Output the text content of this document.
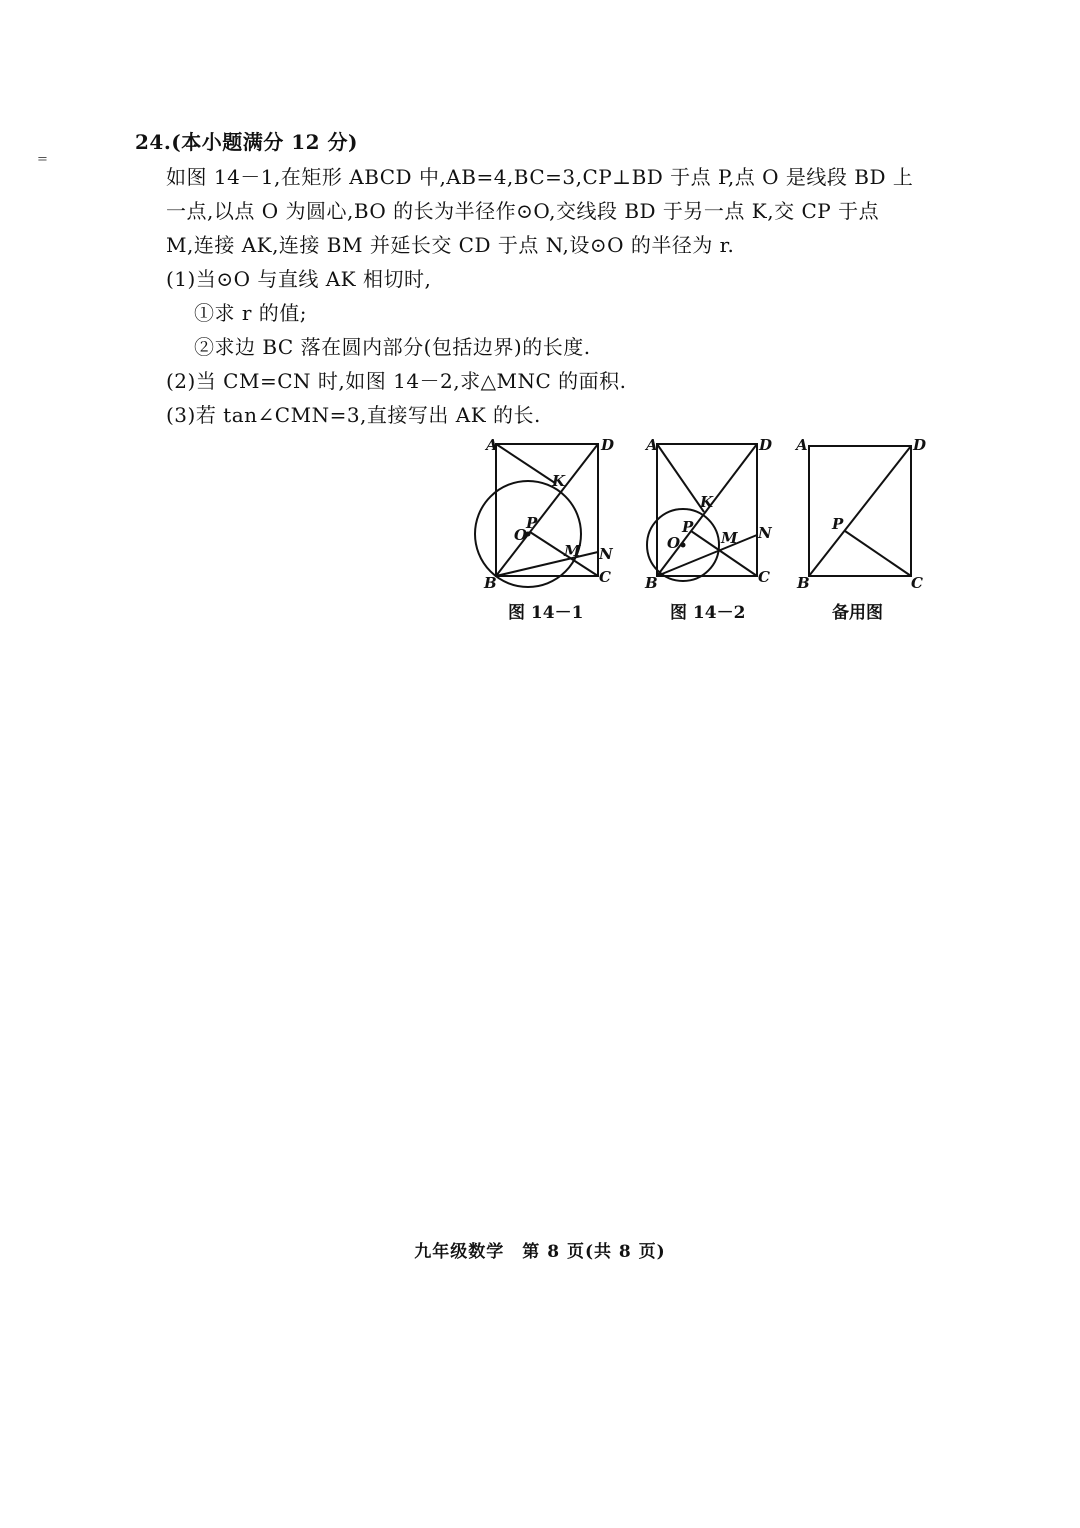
=
24.(本小题满分 12 分)
如图 14－1,在矩形 ABCD 中,AB=4,BC=3,CP⊥BD 于点 P,点 O 是线段 BD 上
一点,以点 O 为圆心,BO 的长为半径作⊙O,交线段 BD 于另一点 K,交 CP 于点
M,连接 AK,连接 BM 并延长交 CD 于点 N,设⊙O 的半径为 r.
(1)当⊙O 与直线 AK 相切时,
①求 r 的值;
②求边 BC 落在圆内部分(包括边界)的长度.
(2)当 CM=CN 时,如图 14－2,求△MNC 的面积.
(3)若 tan∠CMN=3,直接写出 AK 的长.
A	D
K
P
O
M N
B	C
A	D
K
P
O	M N
B	C
A	D
P
B	C
图 14－1	图 14－2	备用图
九年级数学　第 8 页(共 8 页)
